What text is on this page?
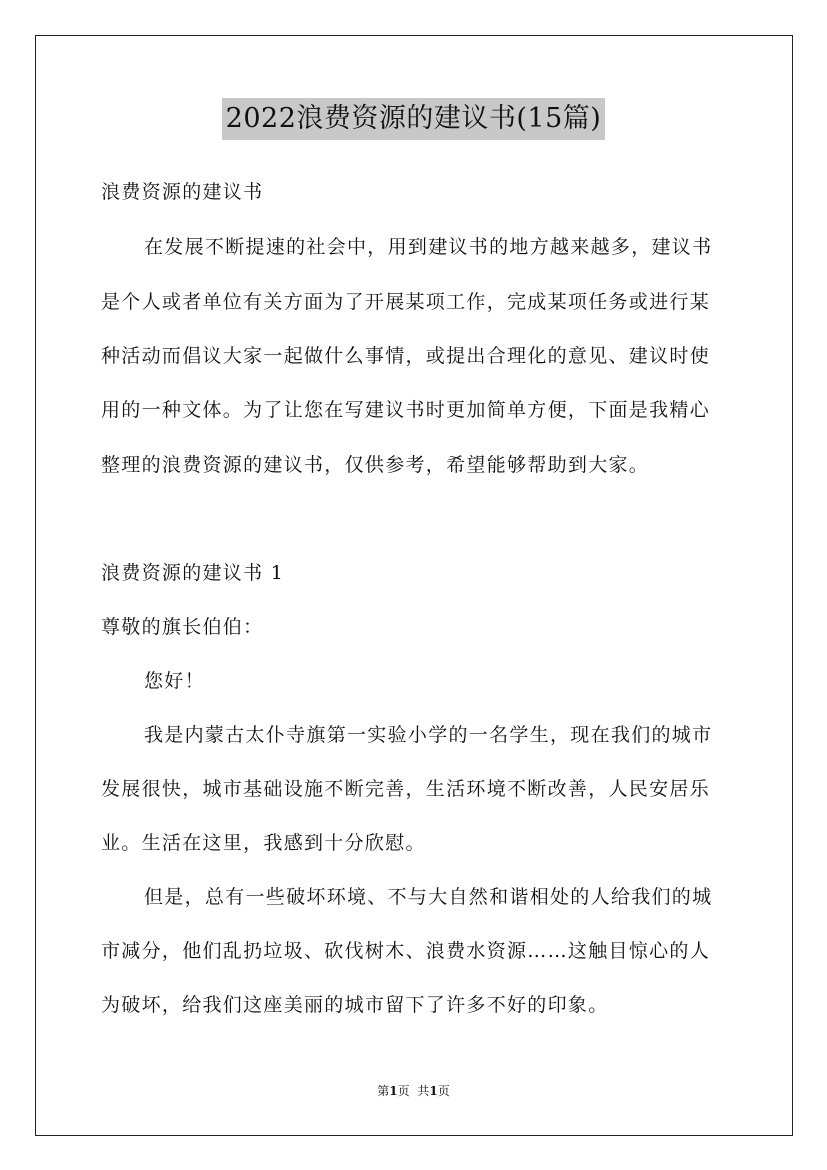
2022浪费资源的建议书(15篇)
浪费资源的建议书
在发展不断提速的社会中，用到建议书的地方越来越多，建议书
是个人或者单位有关方面为了开展某项工作，完成某项任务或进行某
种活动而倡议大家一起做什么事情，或提出合理化的意见、建议时使
用的一种文体。为了让您在写建议书时更加简单方便，下面是我精心
整理的浪费资源的建议书，仅供参考，希望能够帮助到大家。
浪费资源的建议书 1
尊敬的旗长伯伯：
您好！
我是内蒙古太仆寺旗第一实验小学的一名学生，现在我们的城市
发展很快，城市基础设施不断完善，生活环境不断改善，人民安居乐
业。生活在这里，我感到十分欣慰。
但是，总有一些破坏环境、不与大自然和谐相处的人给我们的城
市减分，他们乱扔垃圾、砍伐树木、浪费水资源……这触目惊心的人
为破坏，给我们这座美丽的城市留下了许多不好的印象。
第1页 共1页
